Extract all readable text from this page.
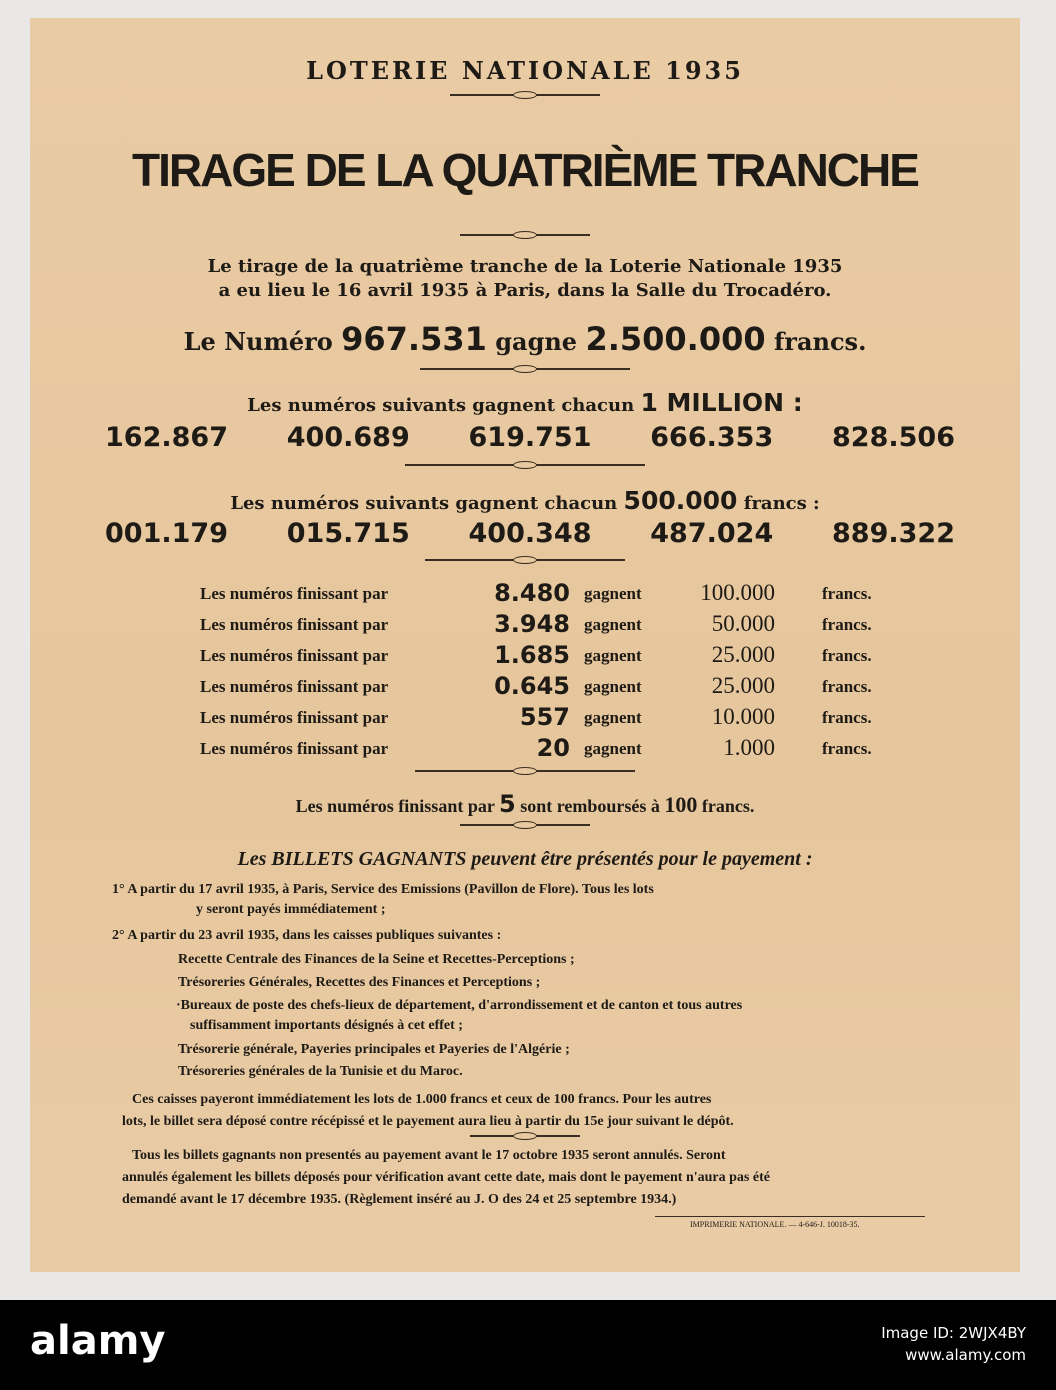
LOTERIE NATIONALE 1935
TIRAGE DE LA QUATRIÈME TRANCHE
Le tirage de la quatrième tranche de la Loterie Nationale 1935
a eu lieu le 16 avril 1935 à Paris, dans la Salle du Trocadéro.
Le Numéro 967.531 gagne 2.500.000 francs.
Les numéros suivants gagnent chacun 1 MILLION :
162.867 400.689 619.751 666.353 828.506
Les numéros suivants gagnent chacun 500.000 francs :
001.179 015.715 400.348 487.024 889.322
Les numéros finissant par	8.480 gagnent	100.000	francs.
Les numéros finissant par	3.948 gagnent	50.000	francs.
Les numéros finissant par	1.685 gagnent	25.000	francs.
Les numéros finissant par	0.645 gagnent	25.000	francs.
Les numéros finissant par	557 gagnent	10.000	francs.
Les numéros finissant par	20 gagnent	1.000	francs.
Les numéros finissant par 5 sont remboursés à 100 francs.
Les BILLETS GAGNANTS peuvent être présentés pour le payement :
1° A partir du 17 avril 1935, à Paris, Service des Emissions (Pavillon de Flore). Tous les lots
y seront payés immédiatement ;
2° A partir du 23 avril 1935, dans les caisses publiques suivantes :
Recette Centrale des Finances de la Seine et Recettes-Perceptions ;
Trésoreries Générales, Recettes des Finances et Perceptions ;
·Bureaux de poste des chefs-lieux de département, d'arrondissement et de canton et tous autres
suffisamment importants désignés à cet effet ;
Trésorerie générale, Payeries principales et Payeries de l'Algérie ;
Trésoreries générales de la Tunisie et du Maroc.
Ces caisses payeront immédiatement les lots de 1.000 francs et ceux de 100 francs. Pour les autres
lots, le billet sera déposé contre récépissé et le payement aura lieu à partir du 15e jour suivant le dépôt.
Tous les billets gagnants non presentés au payement avant le 17 octobre 1935 seront annulés. Seront
annulés également les billets déposés pour vérification avant cette date, mais dont le payement n'aura pas été
demandé avant le 17 décembre 1935. (Règlement inséré au J. O des 24 et 25 septembre 1934.)
IMPRIMERIE NATIONALE. — 4-646-J. 10018-35.
alamy	Image ID: 2WJX4BY
www.alamy.com
